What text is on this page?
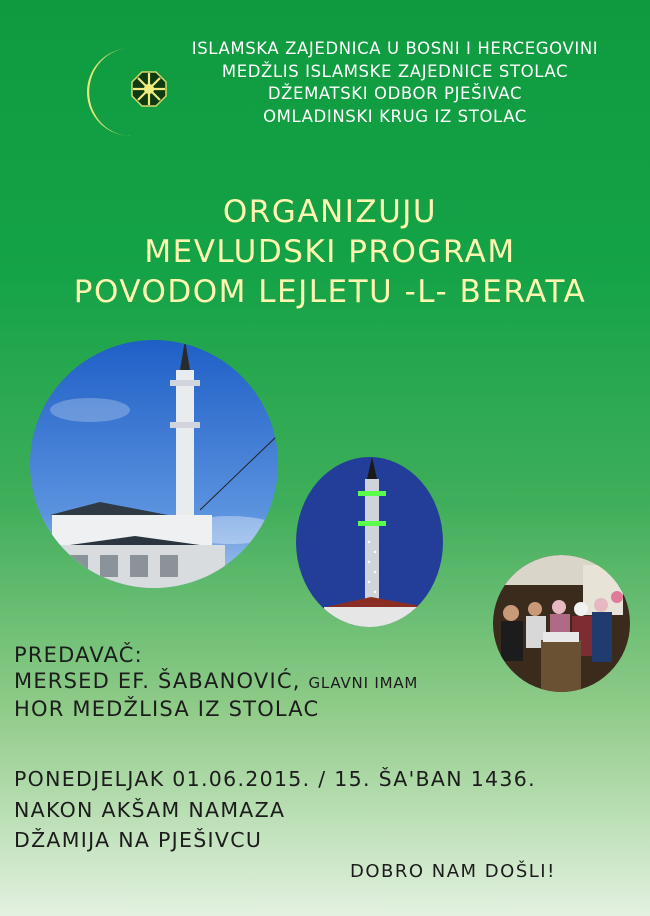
ISLAMSKA ZAJEDNICA U BOSNI I HERCEGOVINI
MEDŽLIS ISLAMSKE ZAJEDNICE STOLAC
DŽEMATSKI ODBOR PJEŠIVAC
OMLADINSKI KRUG IZ STOLAC
ORGANIZUJU
MEVLUDSKI PROGRAM
POVODOM LEJLETU -L- BERATA
PREDAVAČ:
MERSED EF. ŠABANOVIĆ, GLAVNI IMAM
HOR MEDŽLISA IZ STOLAC
PONEDJELJAK 01.06.2015. / 15. ŠA'BAN 1436.
NAKON AKŠAM NAMAZA
DŽAMIJA NA PJEŠIVCU
DOBRO NAM DOŠLI!
